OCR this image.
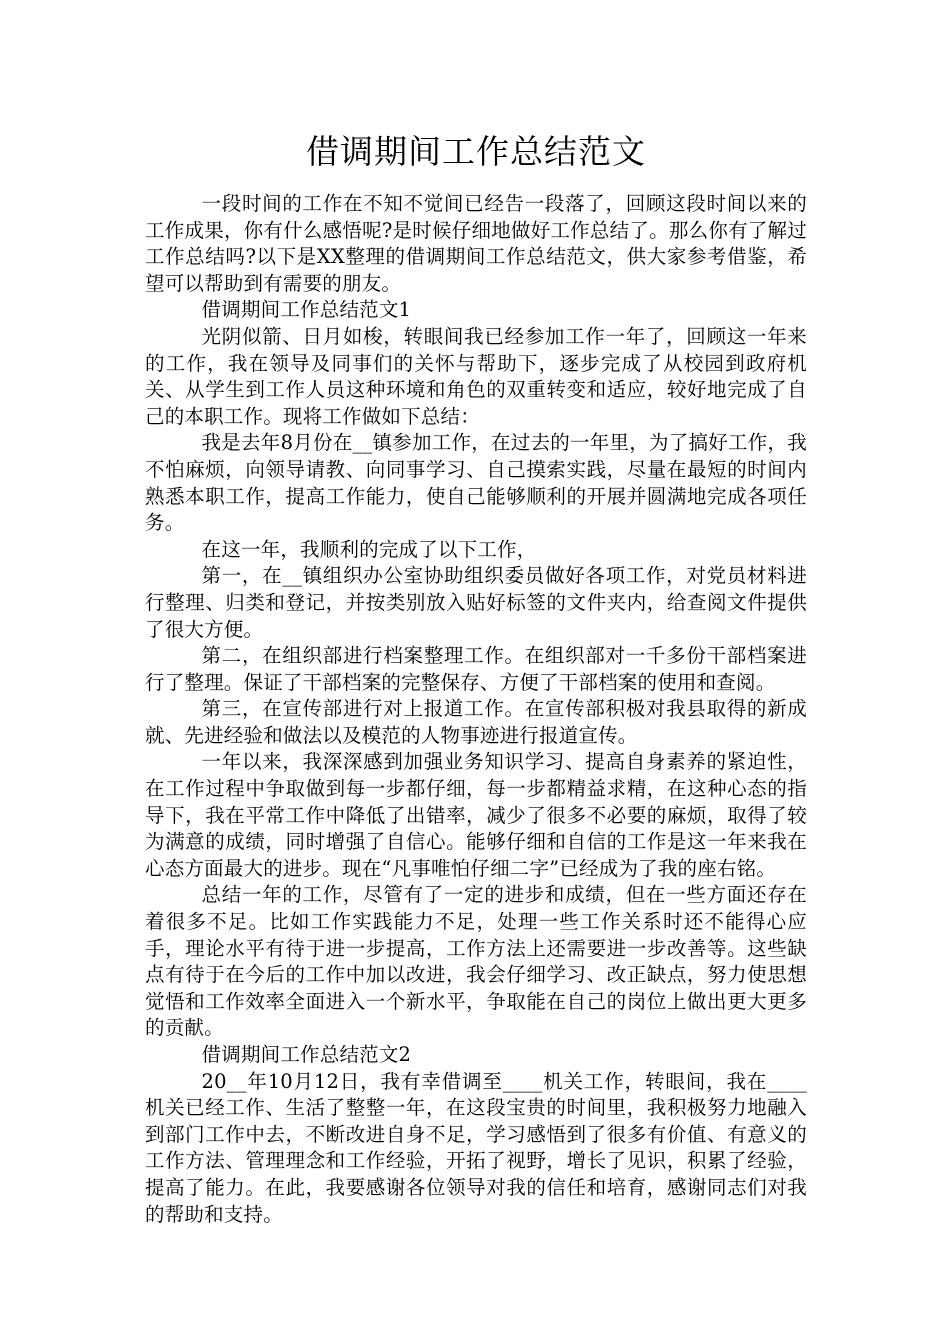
借调期间工作总结范文

一段时间的工作在不知不觉间已经告一段落了，回顾这段时间以来的工作成果，你有什么感悟呢?是时候仔细地做好工作总结了。那么你有了解过工作总结吗?以下是XX整理的借调期间工作总结范文，供大家参考借鉴，希望可以帮助到有需要的朋友。

借调期间工作总结范文1

光阴似箭、日月如梭，转眼间我已经参加工作一年了，回顾这一年来的工作，我在领导及同事们的关怀与帮助下，逐步完成了从校园到政府机关、从学生到工作人员这种环境和角色的双重转变和适应，较好地完成了自己的本职工作。现将工作做如下总结：

我是去年8月份在__镇参加工作，在过去的一年里，为了搞好工作，我不怕麻烦，向领导请教、向同事学习、自己摸索实践，尽量在最短的时间内熟悉本职工作，提高工作能力，使自己能够顺利的开展并圆满地完成各项任务。

在这一年，我顺利的完成了以下工作，

第一，在__镇组织办公室协助组织委员做好各项工作，对党员材料进行整理、归类和登记，并按类别放入贴好标签的文件夹内，给查阅文件提供了很大方便。

第二，在组织部进行档案整理工作。在组织部对一千多份干部档案进行了整理。保证了干部档案的完整保存、方便了干部档案的使用和查阅。

第三，在宣传部进行对上报道工作。在宣传部积极对我县取得的新成就、先进经验和做法以及模范的人物事迹进行报道宣传。

一年以来，我深深感到加强业务知识学习、提高自身素养的紧迫性，在工作过程中争取做到每一步都仔细，每一步都精益求精，在这种心态的指导下，我在平常工作中降低了出错率，减少了很多不必要的麻烦，取得了较为满意的成绩，同时增强了自信心。能够仔细和自信的工作是这一年来我在心态方面最大的进步。现在“凡事唯怕仔细二字”已经成为了我的座右铭。

总结一年的工作，尽管有了一定的进步和成绩，但在一些方面还存在着很多不足。比如工作实践能力不足，处理一些工作关系时还不能得心应手，理论水平有待于进一步提高，工作方法上还需要进一步改善等。这些缺点有待于在今后的工作中加以改进，我会仔细学习、改正缺点，努力使思想觉悟和工作效率全面进入一个新水平，争取能在自己的岗位上做出更大更多的贡献。

借调期间工作总结范文2

20__年10月12日，我有幸借调至____机关工作，转眼间，我在____机关已经工作、生活了整整一年，在这段宝贵的时间里，我积极努力地融入到部门工作中去，不断改进自身不足，学习感悟到了很多有价值、有意义的工作方法、管理理念和工作经验，开拓了视野，增长了见识，积累了经验，提高了能力。在此，我要感谢各位领导对我的信任和培育，感谢同志们对我的帮助和支持。
